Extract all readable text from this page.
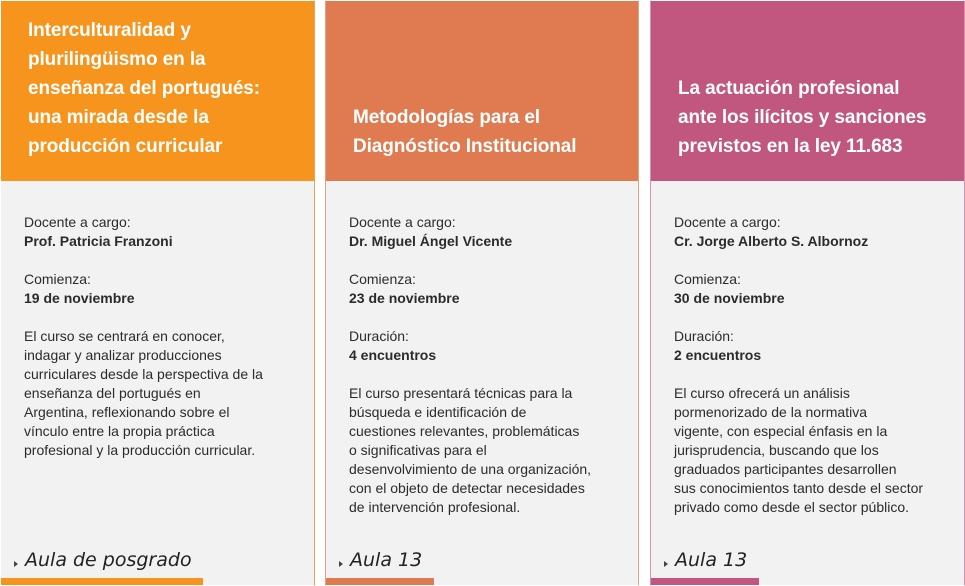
Interculturalidad y
plurilingüismo en la
enseñanza del portugués:
una mirada desde la
producción curricular
Docente a cargo:
Prof. Patricia Franzoni
Comienza:
19 de noviembre
El curso se centrará en conocer,
indagar y analizar producciones
curriculares desde la perspectiva de la
enseñanza del portugués en
Argentina, reflexionando sobre el
vínculo entre la propia práctica
profesional y la producción curricular.
Aula de posgrado
Metodologías para el
Diagnóstico Institucional
Docente a cargo:
Dr. Miguel Ángel Vicente
Comienza:
23 de noviembre
Duración:
4 encuentros
El curso presentará técnicas para la
búsqueda e identificación de
cuestiones relevantes, problemáticas
o significativas para el
desenvolvimiento de una organización,
con el objeto de detectar necesidades
de intervención profesional.
Aula 13
La actuación profesional
ante los ilícitos y sanciones
previstos en la ley 11.683
Docente a cargo:
Cr. Jorge Alberto S. Albornoz
Comienza:
30 de noviembre
Duración:
2 encuentros
El curso ofrecerá un análisis
pormenorizado de la normativa
vigente, con especial énfasis en la
jurisprudencia, buscando que los
graduados participantes desarrollen
sus conocimientos tanto desde el sector
privado como desde el sector público.
Aula 13
